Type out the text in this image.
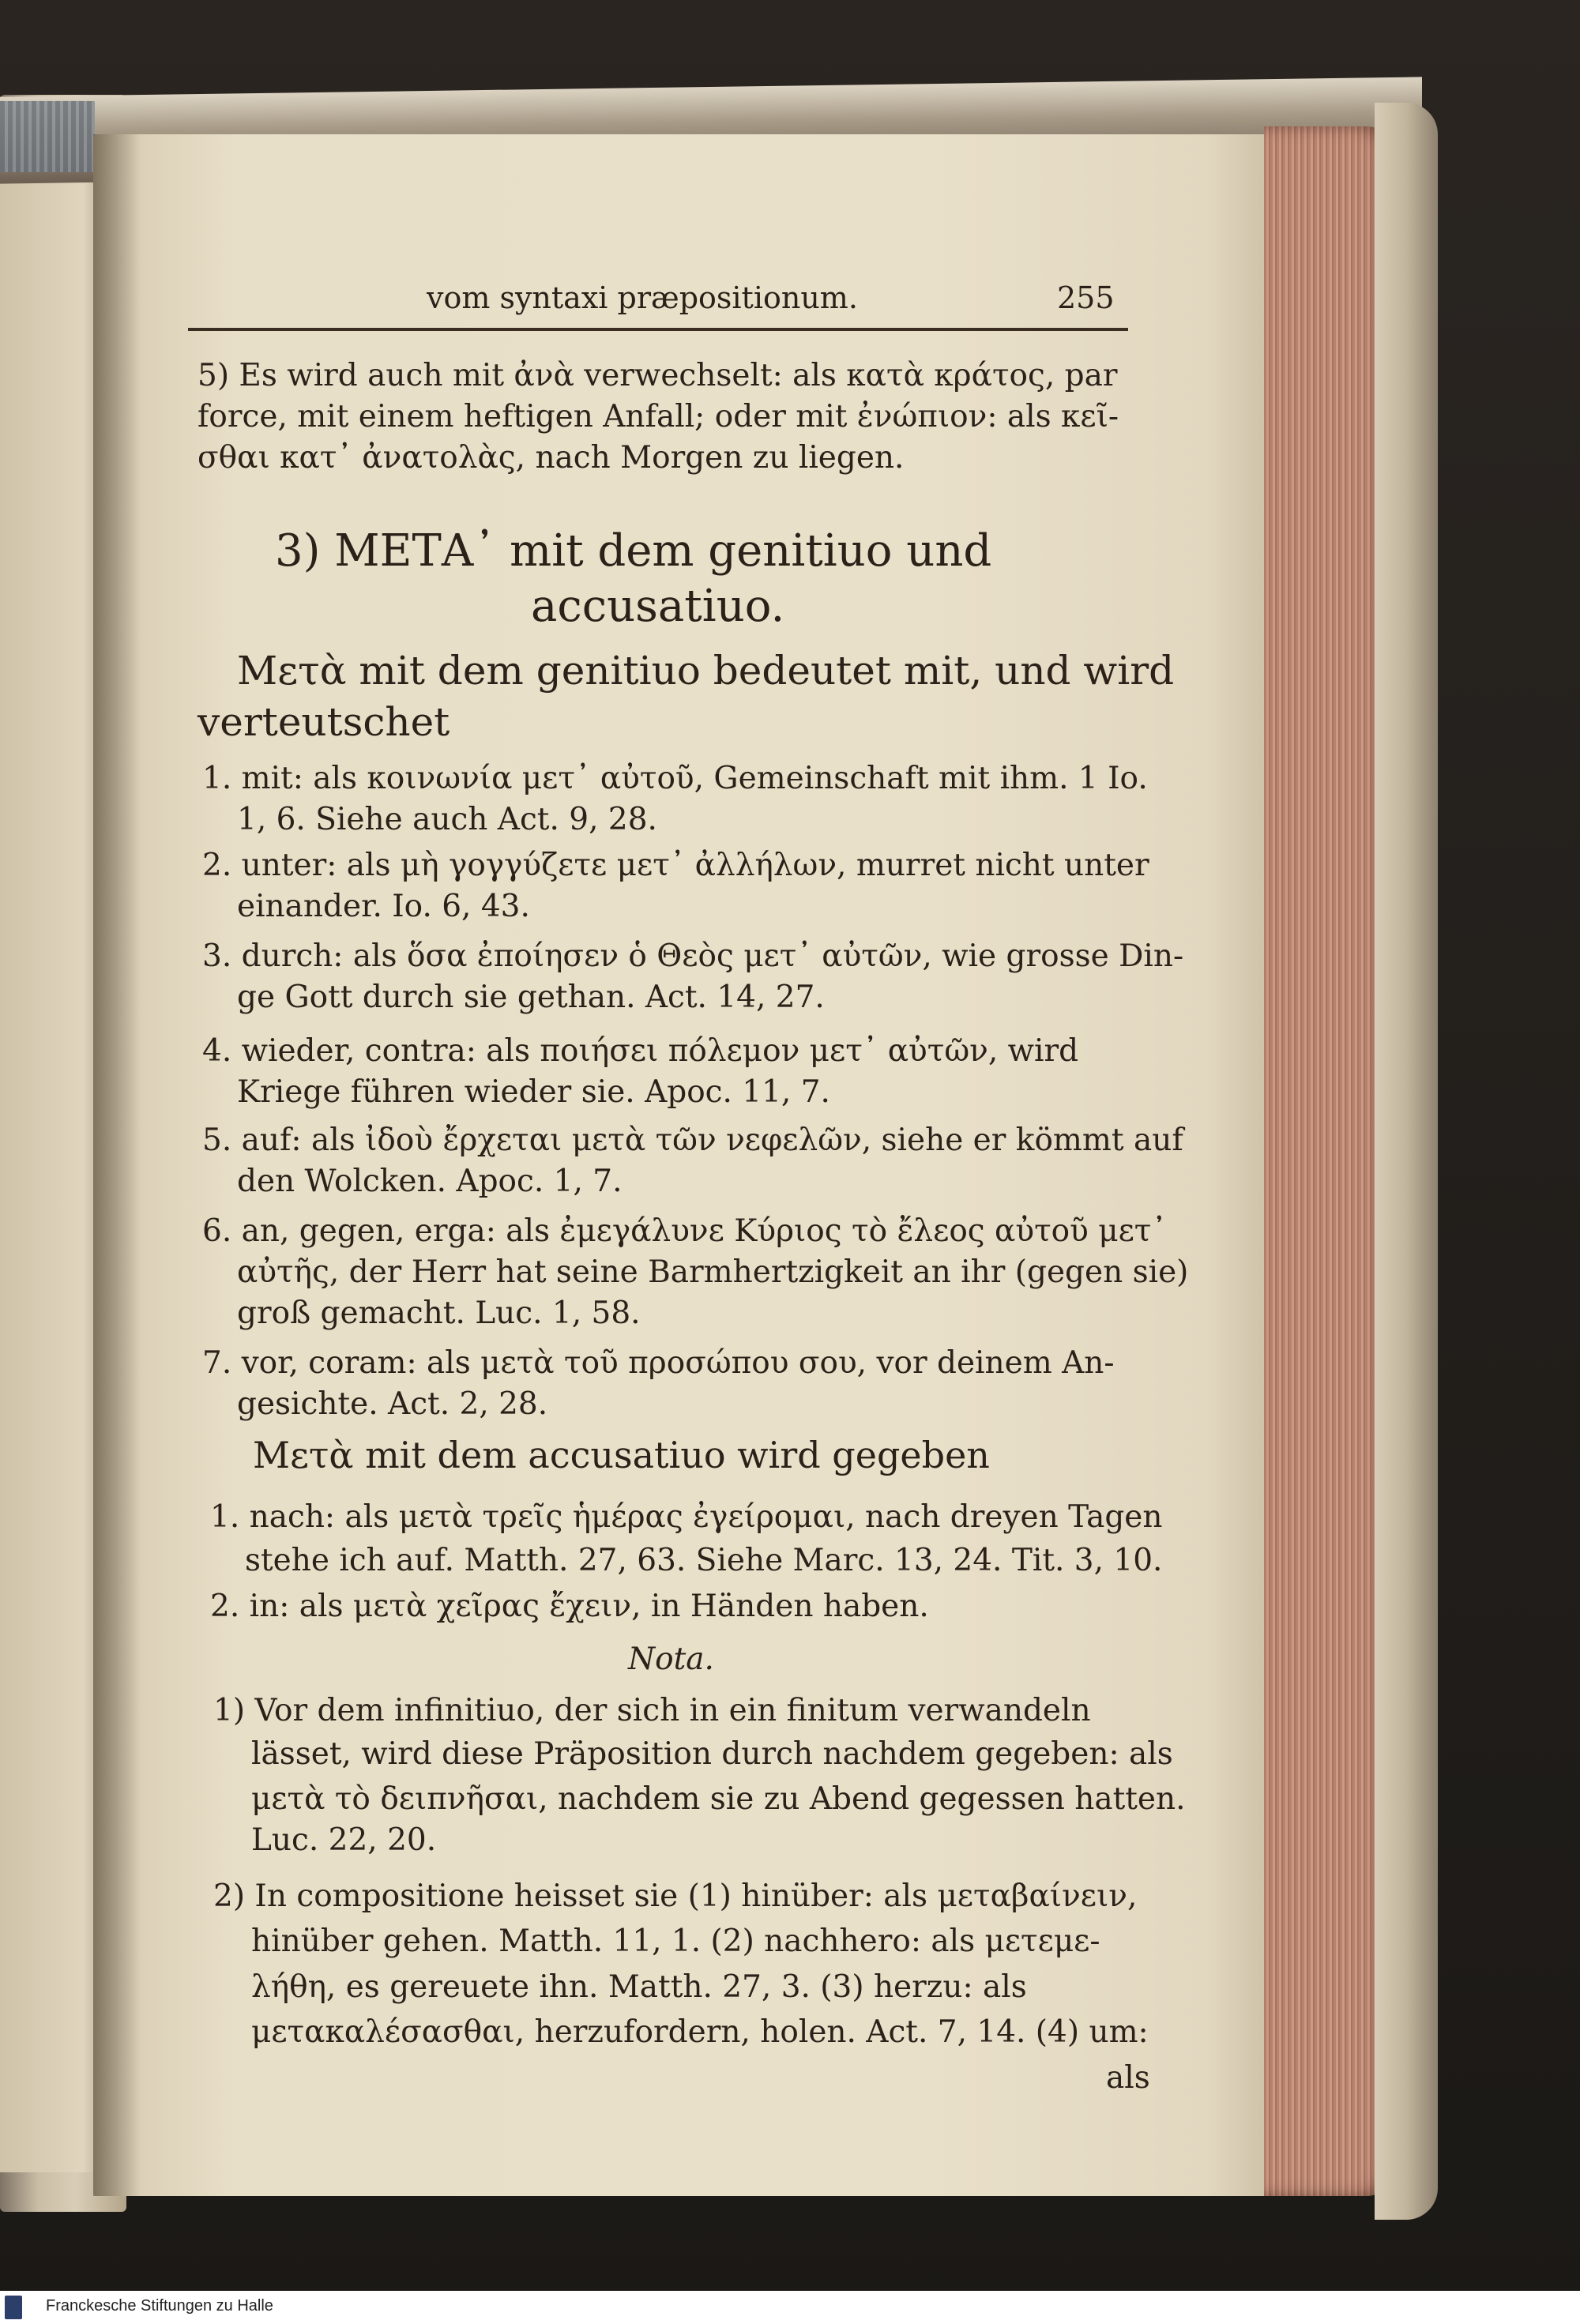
vom syntaxi præpositionum.	255
5) Es wird auch mit ἀνὰ verwechselt: als κατὰ κράτος, par
force, mit einem heftigen Anfall; oder mit ἐνώπιον: als κεῖ-
σθαι κατ᾽ ἀνατολὰς, nach Morgen zu liegen.
3) ΜΕΤΑ᾽ mit dem genitiuo und
accusatiuo.
Μετὰ mit dem genitiuo bedeutet mit, und wird
verteutschet
1. mit: als κοινωνία μετ᾽ αὐτοῦ, Gemeinschaft mit ihm. 1 Io.
1, 6. Siehe auch Act. 9, 28.
2. unter: als μὴ γογγύζετε μετ᾽ ἀλλήλων, murret nicht unter
einander. Io. 6, 43.
3. durch: als ὅσα ἐποίησεν ὁ Θεὸς μετ᾽ αὐτῶν, wie grosse Din-
ge Gott durch sie gethan. Act. 14, 27.
4. wieder, contra: als ποιήσει πόλεμον μετ᾽ αὐτῶν, wird
Kriege führen wieder sie. Apoc. 11, 7.
5. auf: als ἰδοὺ ἔρχεται μετὰ τῶν νεφελῶν, siehe er kömmt auf
den Wolcken. Apoc. 1, 7.
6. an, gegen, erga: als ἐμεγάλυνε Κύριος τὸ ἔλεος αὐτοῦ μετ᾽
αὐτῆς, der Herr hat seine Barmhertzigkeit an ihr (gegen sie)
groß gemacht. Luc. 1, 58.
7. vor, coram: als μετὰ τοῦ προσώπου σου, vor deinem An-
gesichte. Act. 2, 28.
Μετὰ mit dem accusatiuo wird gegeben
1. nach: als μετὰ τρεῖς ἡμέρας ἐγείρομαι, nach dreyen Tagen
stehe ich auf. Matth. 27, 63. Siehe Marc. 13, 24. Tit. 3, 10.
2. in: als μετὰ χεῖρας ἔχειν, in Händen haben.
Nota.
1) Vor dem infinitiuo, der sich in ein finitum verwandeln
lässet, wird diese Präposition durch nachdem gegeben: als
μετὰ τὸ δειπνῆσαι, nachdem sie zu Abend gegessen hatten.
Luc. 22, 20.
2) In compositione heisset sie (1) hinüber: als μεταβαίνειν,
hinüber gehen. Matth. 11, 1. (2) nachhero: als μετεμε-
λήθη, es gereuete ihn. Matth. 27, 3. (3) herzu: als
μετακαλέσασθαι, herzufordern, holen. Act. 7, 14. (4) um:
als
Franckesche Stiftungen zu Halle
